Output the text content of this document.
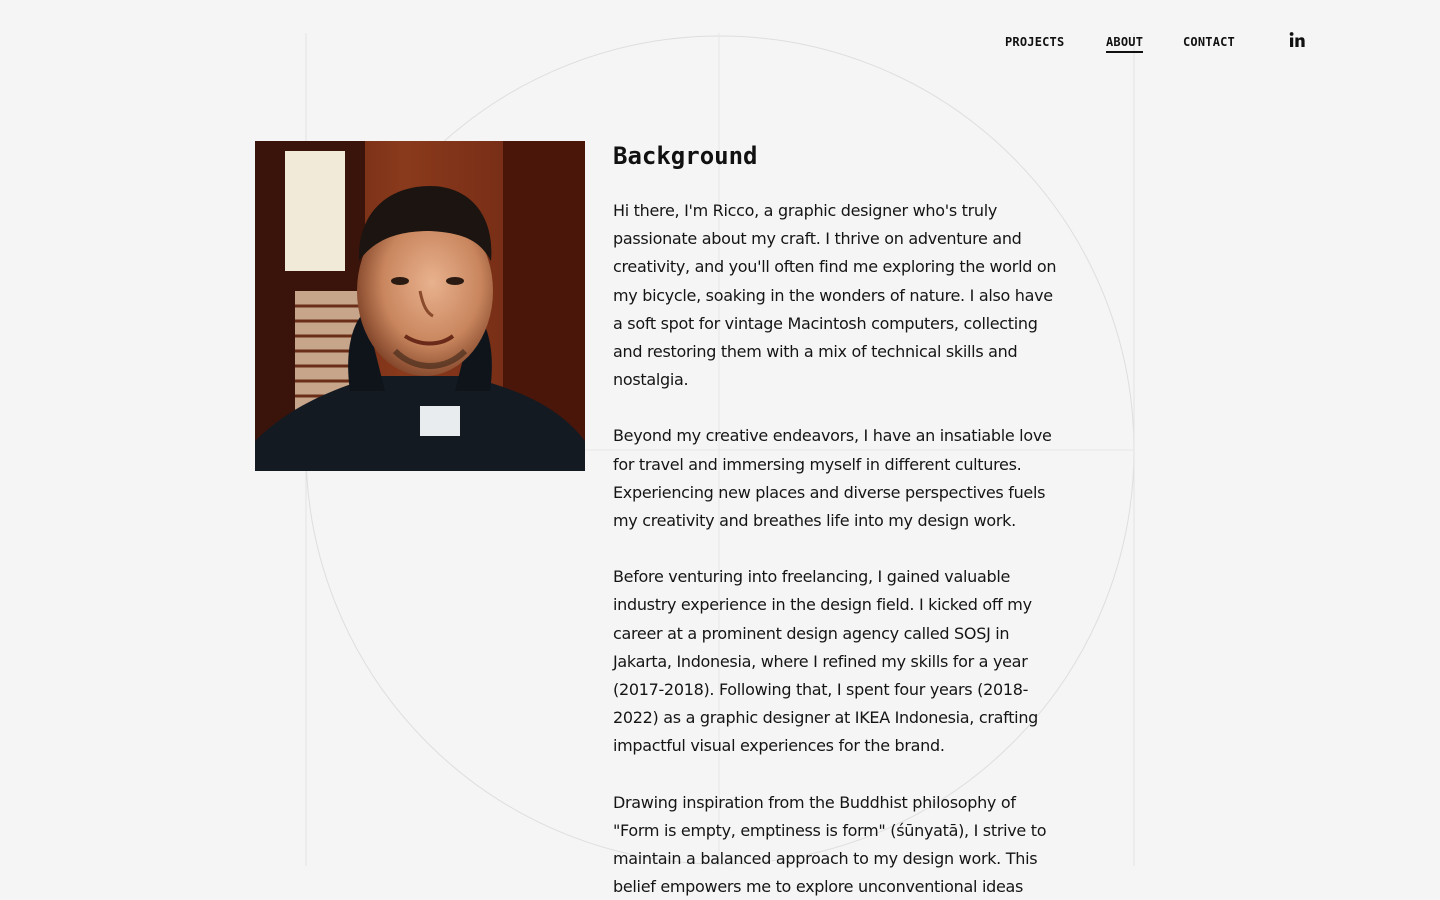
PROJECTS	ABOUT	CONTACT
Background

Hi there, I'm Ricco, a graphic designer who's truly passionate about my craft. I thrive on adventure and creativity, and you'll often find me exploring the world on my bicycle, soaking in the wonders of nature. I also have a soft spot for vintage Macintosh computers, collecting and restoring them with a mix of technical skills and nostalgia.

Beyond my creative endeavors, I have an insatiable love for travel and immersing myself in different cultures. Experiencing new places and diverse perspectives fuels my creativity and breathes life into my design work.

Before venturing into freelancing, I gained valuable industry experience in the design field. I kicked off my career at a prominent design agency called SOSJ in Jakarta, Indonesia, where I refined my skills for a year (2017-2018). Following that, I spent four years (2018-2022) as a graphic designer at IKEA Indonesia, crafting impactful visual experiences for the brand.

Drawing inspiration from the Buddhist philosophy of "Form is empty, emptiness is form" (śūnyatā), I strive to maintain a balanced approach to my design work. This belief empowers me to explore unconventional ideas
